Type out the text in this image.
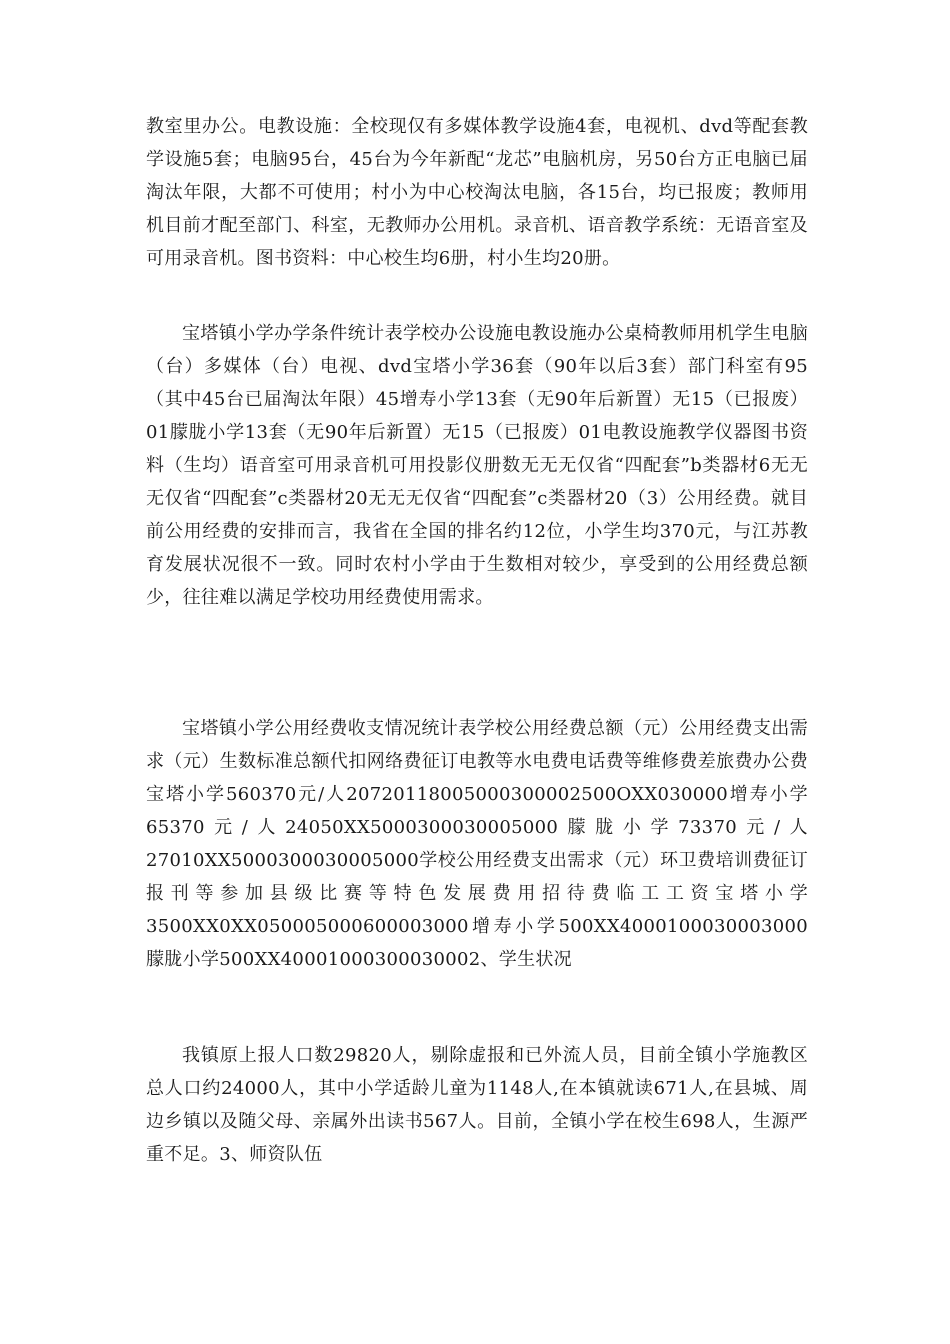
教室里办公。电教设施：全校现仅有多媒体教学设施4套，电视机、dvd等配套教学设施5套；电脑95台，45台为今年新配“龙芯”电脑机房，另50台方正电脑已届淘汰年限，大都不可使用；村小为中心校淘汰电脑，各15台，均已报废；教师用机目前才配至部门、科室，无教师办公用机。录音机、语音教学系统：无语音室及可用录音机。图书资料：中心校生均6册，村小生均20册。

宝塔镇小学办学条件统计表学校办公设施电教设施办公桌椅教师用机学生电脑（台）多媒体（台）电视、dvd宝塔小学36套（90年以后3套）部门科室有95（其中45台已届淘汰年限）45增寿小学13套（无90年后新置）无15（已报废）01朦胧小学13套（无90年后新置）无15（已报废）01电教设施教学仪器图书资料（生均）语音室可用录音机可用投影仪册数无无无仅省“四配套”b类器材6无无无仅省“四配套”c类器材20无无无仅省“四配套”c类器材20（3）公用经费。就目前公用经费的安排而言，我省在全国的排名约12位，小学生均370元，与江苏教育发展状况很不一致。同时农村小学由于生数相对较少，享受到的公用经费总额少，往往难以满足学校功用经费使用需求。

宝塔镇小学公用经费收支情况统计表学校公用经费总额（元）公用经费支出需求（元）生数标准总额代扣网络费征订电教等水电费电话费等维修费差旅费办公费宝塔小学560370元/人20720118005000300002500OXX030000增寿小学65370元/人24050XX5000300030005000朦胧小学73370元/人27010XX5000300030005000学校公用经费支出需求（元）环卫费培训费征订报刊等参加县级比赛等特色发展费用招待费临工工资宝塔小学3500XX0XX050005000600003000增寿小学500XX4000100030003000朦胧小学500XX40001000300030002、学生状况

我镇原上报人口数29820人，剔除虚报和已外流人员，目前全镇小学施教区总人口约24000人，其中小学适龄儿童为1148人,在本镇就读671人,在县城、周边乡镇以及随父母、亲属外出读书567人。目前，全镇小学在校生698人，生源严重不足。3、师资队伍
